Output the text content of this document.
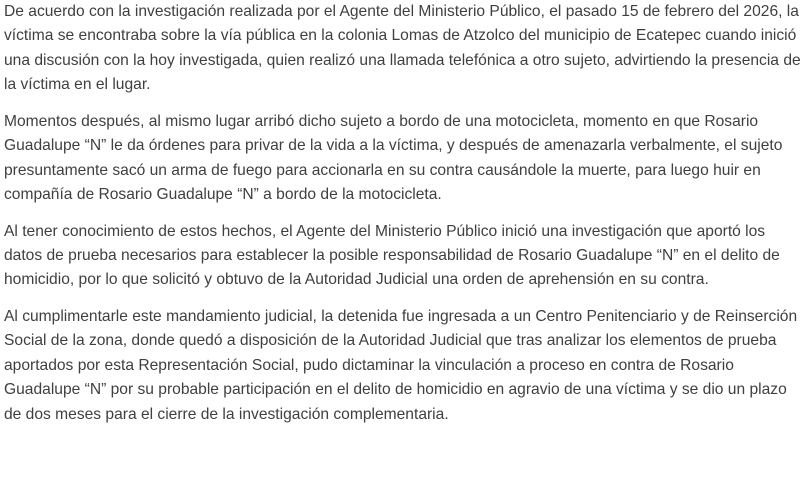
De acuerdo con la investigación realizada por el Agente del Ministerio Público, el pasado 15 de febrero del 2026, la víctima se encontraba sobre la vía pública en la colonia Lomas de Atzolco del municipio de Ecatepec cuando inició una discusión con la hoy investigada, quien realizó una llamada telefónica a otro sujeto, advirtiendo la presencia de la víctima en el lugar.

Momentos después, al mismo lugar arribó dicho sujeto a bordo de una motocicleta, momento en que Rosario Guadalupe “N” le da órdenes para privar de la vida a la víctima, y después de amenazarla verbalmente, el sujeto presuntamente sacó un arma de fuego para accionarla en su contra causándole la muerte, para luego huir en compañía de Rosario Guadalupe “N” a bordo de la motocicleta.

Al tener conocimiento de estos hechos, el Agente del Ministerio Público inició una investigación que aportó los datos de prueba necesarios para establecer la posible responsabilidad de Rosario Guadalupe “N” en el delito de homicidio, por lo que solicitó y obtuvo de la Autoridad Judicial una orden de aprehensión en su contra.

Al cumplimentarle este mandamiento judicial, la detenida fue ingresada a un Centro Penitenciario y de Reinserción Social de la zona, donde quedó a disposición de la Autoridad Judicial que tras analizar los elementos de prueba aportados por esta Representación Social, pudo dictaminar la vinculación a proceso en contra de Rosario Guadalupe “N” por su probable participación en el delito de homicidio en agravio de una víctima y se dio un plazo de dos meses para el cierre de la investigación complementaria.
